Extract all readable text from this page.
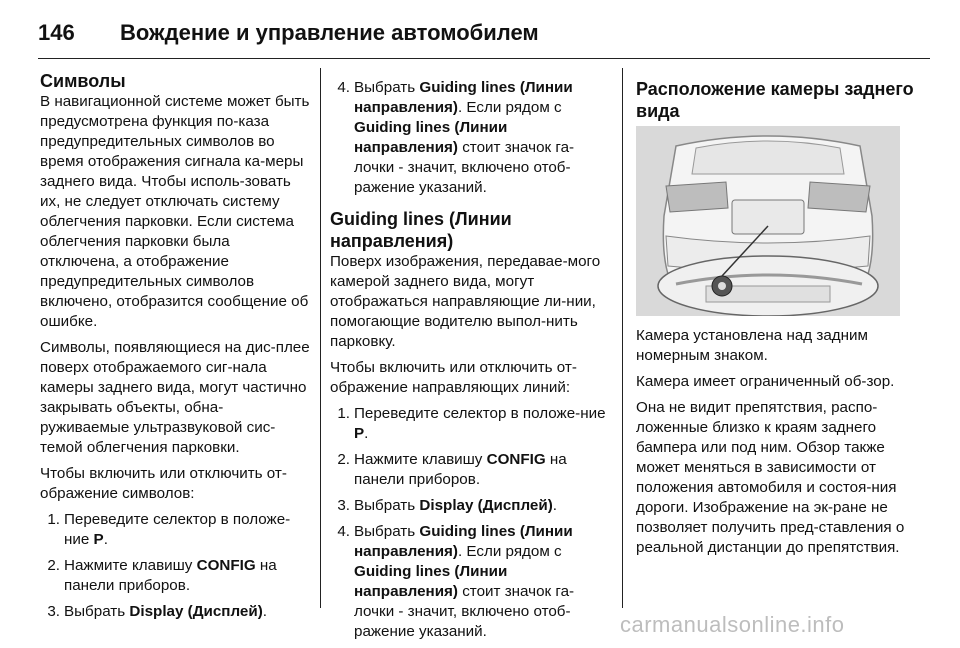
146 Вождение и управление автомобилем
Символы

В навигационной системе может быть предусмотрена функция по-каза предупредительных символов во время отображения сигнала ка-меры заднего вида. Чтобы исполь-зовать их, не следует отключать систему облегчения парковки. Если система облегчения парковки была отключена, а отображение предупредительных символов включено, отобразится сообщение об ошибке.

Символы, появляющиеся на дис-плее поверх отображаемого сиг-нала камеры заднего вида, могут частично закрывать объекты, обна-руживаемые ультразвуковой сис-темой облегчения парковки.

Чтобы включить или отключить от-ображение символов:

1. Переведите селектор в положе-ние P.
2. Нажмите клавишу CONFIG на панели приборов.
3. Выбрать Display (Дисплей).
4. Выбрать Guiding lines (Линии направления). Если рядом с Guiding lines (Линии направления) стоит значок га-лочки - значит, включено отоб-ражение указаний.
Guiding lines (Линии направления)

Поверх изображения, передавае-мого камерой заднего вида, могут отображаться направляющие ли-нии, помогающие водителю выпол-нить парковку.

Чтобы включить или отключить от-ображение направляющих линий:

1. Переведите селектор в положе-ние P.
2. Нажмите клавишу CONFIG на панели приборов.
3. Выбрать Display (Дисплей).
4. Выбрать Guiding lines (Линии направления). Если рядом с Guiding lines (Линии направления) стоит значок га-лочки - значит, включено отоб-ражение указаний.
Расположение камеры заднего вида

Камера установлена над задним номерным знаком.

Камера имеет ограниченный об-зор.

Она не видит препятствия, распо-ложенные близко к краям заднего бампера или под ним. Обзор также может меняться в зависимости от положения автомобиля и состоя-ния дороги. Изображение на эк-ране не позволяет получить пред-ставления о реальной дистанции до препятствия.

carmanualsonline.info
